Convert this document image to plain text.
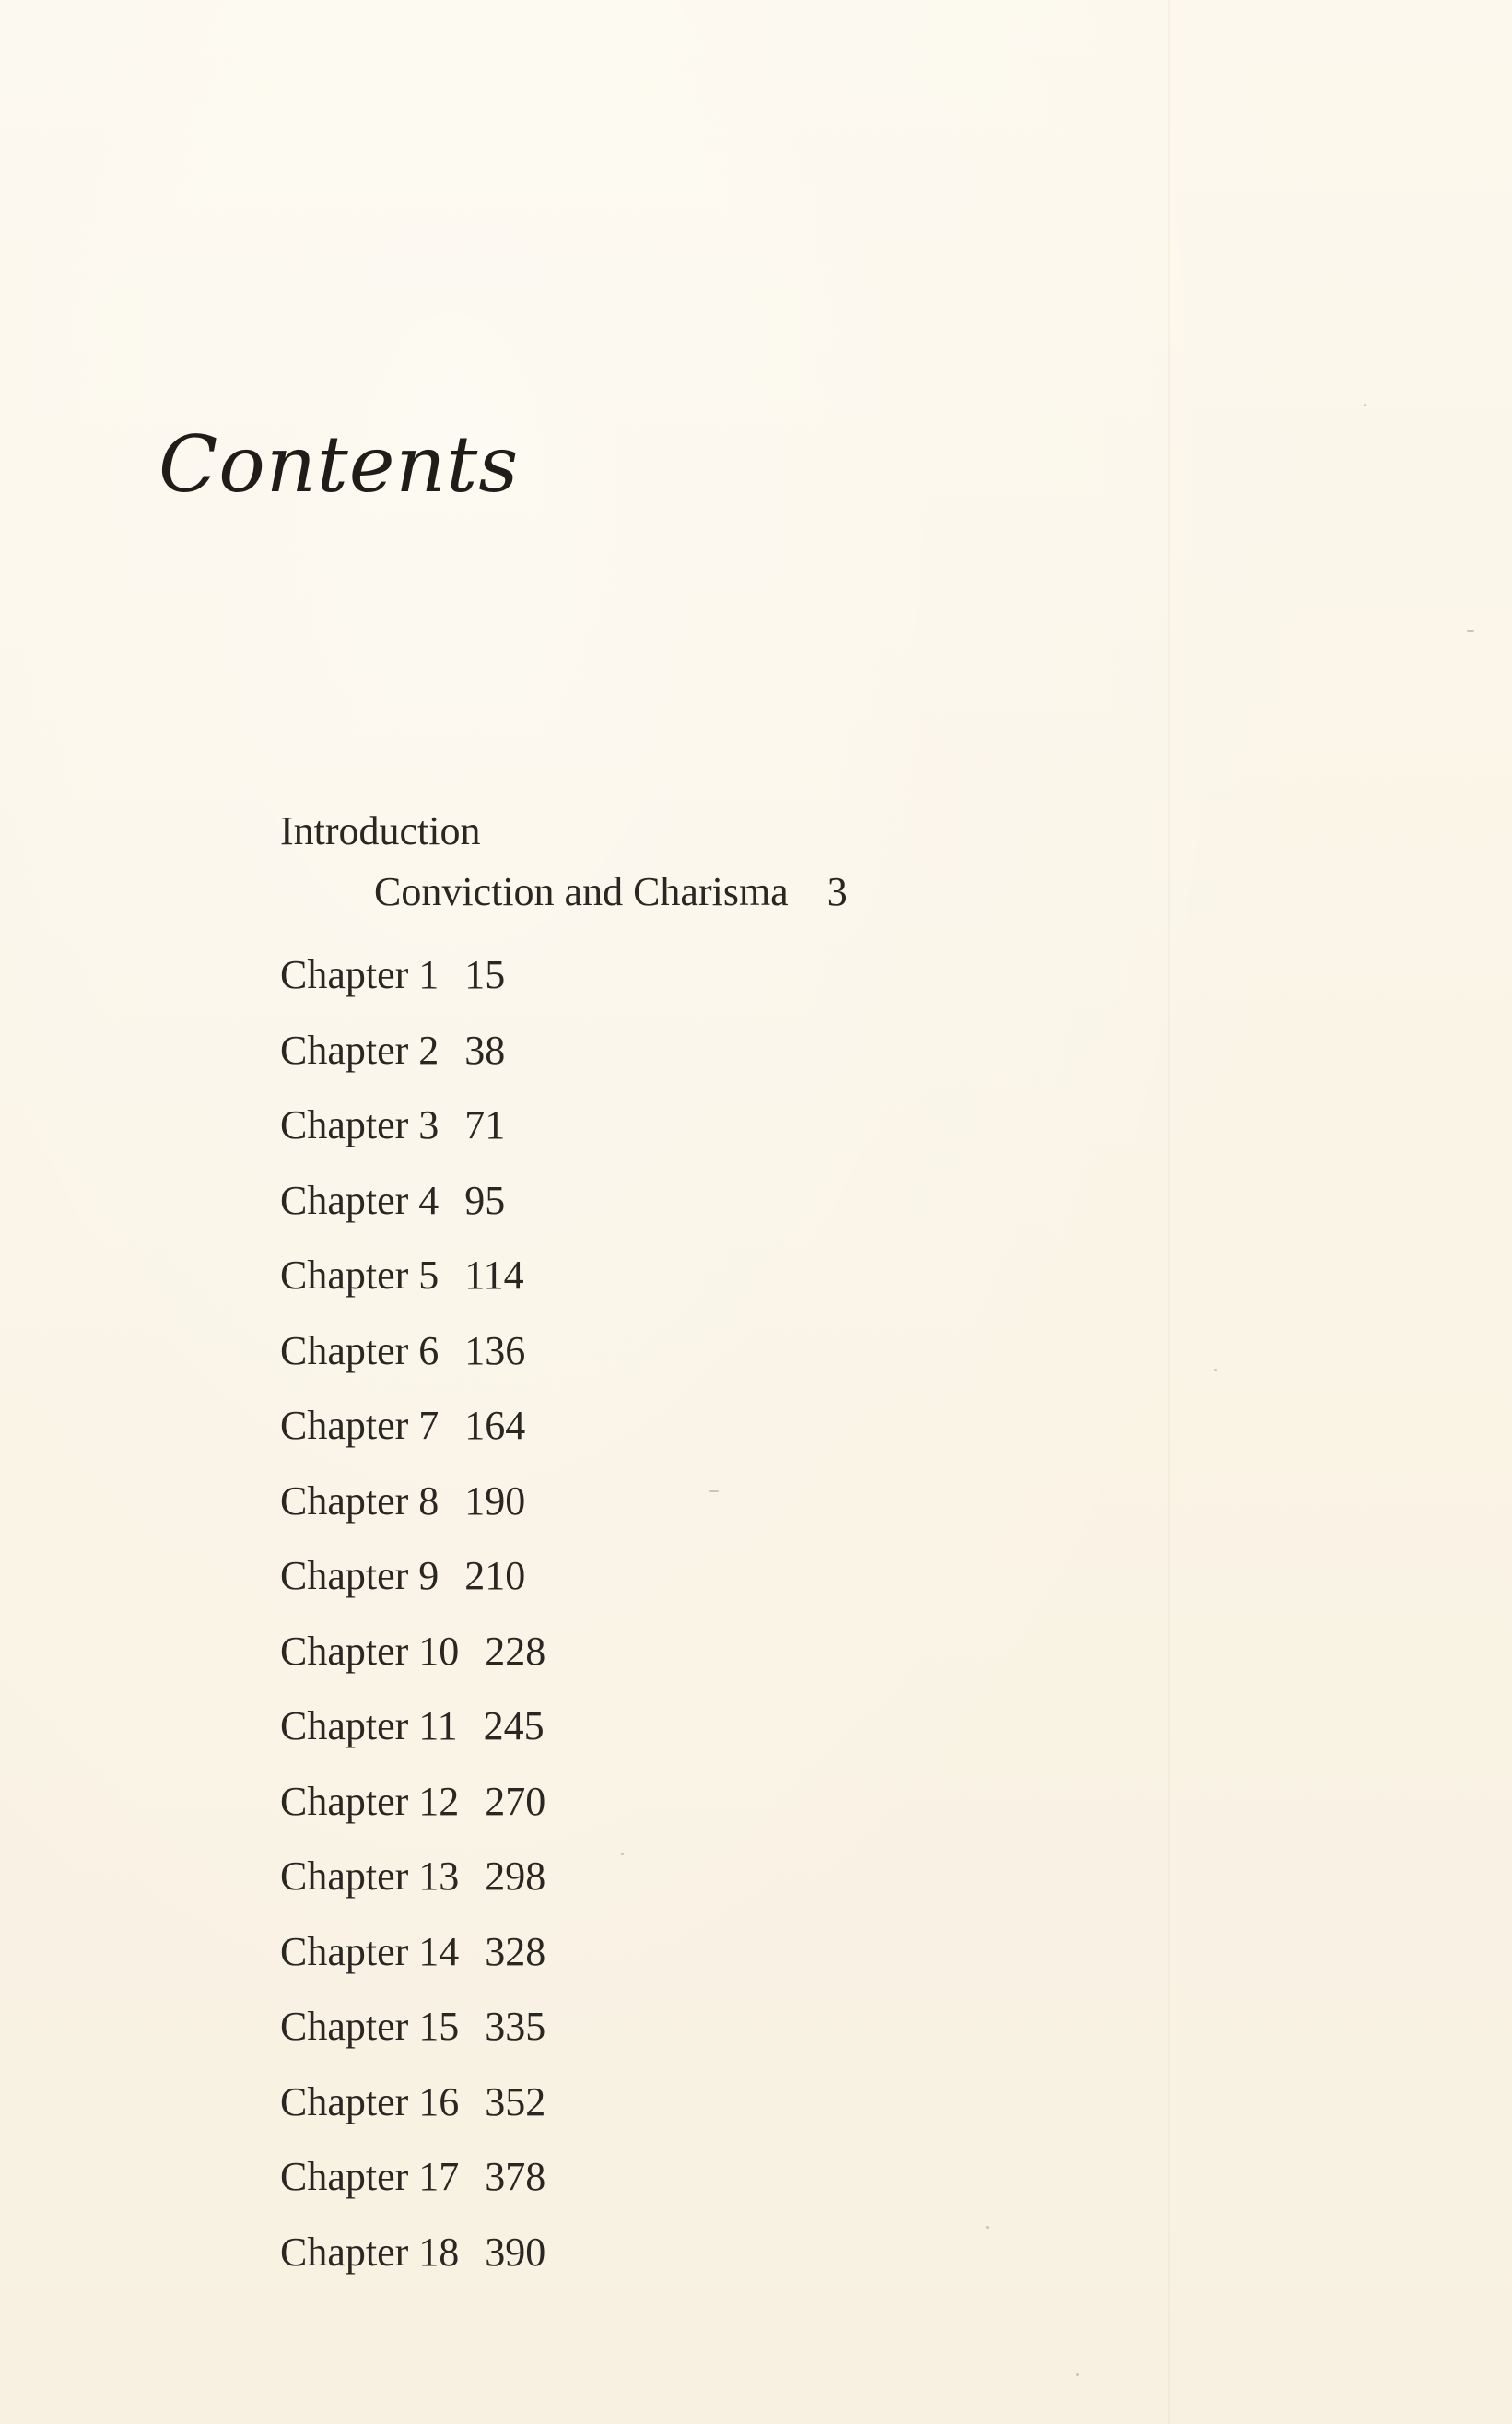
Contents
Introduction
Conviction and Charisma 3
Chapter 1 15
Chapter 2 38
Chapter 3 71
Chapter 4 95
Chapter 5 114
Chapter 6 136
Chapter 7 164
Chapter 8 190
Chapter 9 210
Chapter 10 228
Chapter 11 245
Chapter 12 270
Chapter 13 298
Chapter 14 328
Chapter 15 335
Chapter 16 352
Chapter 17 378
Chapter 18 390
